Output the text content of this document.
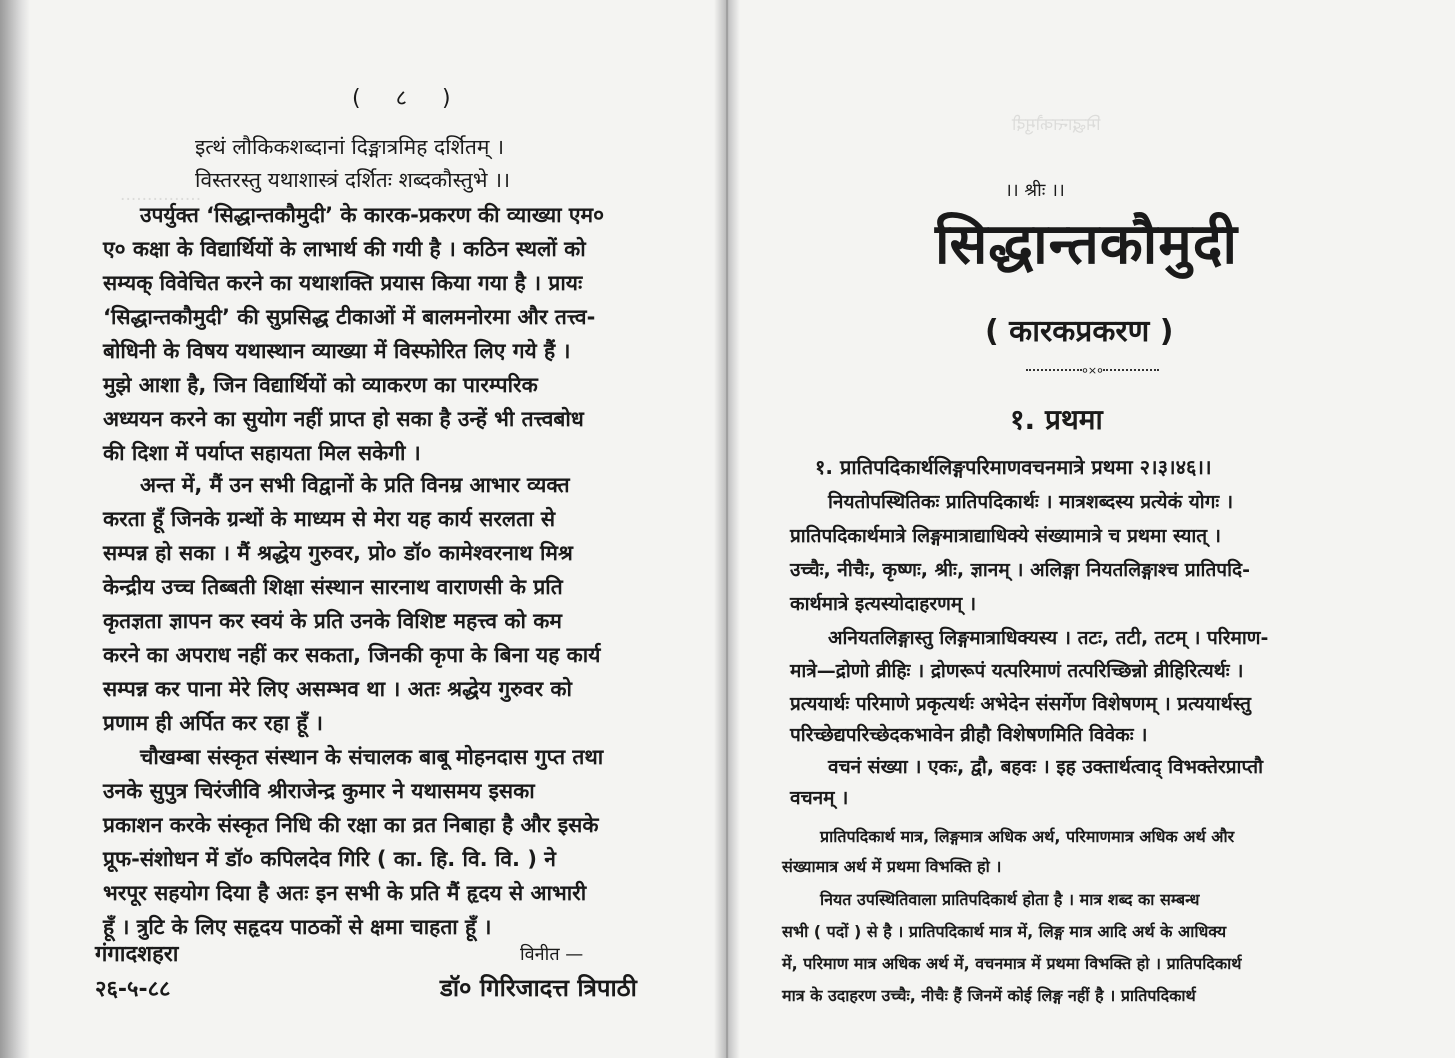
···············
( ८ )
इत्थं लौकिकशब्दानां दिङ्मात्रमिह दर्शितम् ।
विस्तरस्तु यथाशास्त्रं दर्शितः शब्दकौस्तुभे ।।
उपर्युक्त ‘सिद्धान्तकौमुदी’ के कारक-प्रकरण की व्याख्या एम०
ए० कक्षा के विद्यार्थियों के लाभार्थ की गयी है । कठिन स्थलों को
सम्यक् विवेचित करने का यथाशक्ति प्रयास किया गया है । प्रायः
‘सिद्धान्तकौमुदी’ की सुप्रसिद्ध टीकाओं में बालमनोरमा और तत्त्व-
बोधिनी के विषय यथास्थान व्याख्या में विस्फोरित लिए गये हैं ।
मुझे आशा है, जिन विद्यार्थियों को व्याकरण का पारम्परिक
अध्ययन करने का सुयोग नहीं प्राप्त हो सका है उन्हें भी तत्त्वबोध
की दिशा में पर्याप्त सहायता मिल सकेगी ।
अन्त में, मैं उन सभी विद्वानों के प्रति विनम्र आभार व्यक्त
करता हूँ जिनके ग्रन्थों के माध्यम से मेरा यह कार्य सरलता से
सम्पन्न हो सका । मैं श्रद्धेय गुरुवर, प्रो० डॉ० कामेश्वरनाथ मिश्र
केन्द्रीय उच्च तिब्बती शिक्षा संस्थान सारनाथ वाराणसी के प्रति
कृतज्ञता ज्ञापन कर स्वयं के प्रति उनके विशिष्ट महत्त्व को कम
करने का अपराध नहीं कर सकता, जिनकी कृपा के बिना यह कार्य
सम्पन्न कर पाना मेरे लिए असम्भव था । अतः श्रद्धेय गुरुवर को
प्रणाम ही अर्पित कर रहा हूँ ।
चौखम्बा संस्कृत संस्थान के संचालक बाबू मोहनदास गुप्त तथा
उनके सुपुत्र चिरंजीवि श्रीराजेन्द्र कुमार ने यथासमय इसका
प्रकाशन करके संस्कृत निधि की रक्षा का व्रत निबाहा है और इसके
प्रूफ-संशोधन में डॉ० कपिलदेव गिरि ( का. हि. वि. वि. ) ने
भरपूर सहयोग दिया है अतः इन सभी के प्रति मैं हृदय से आभारी
हूँ । त्रुटि के लिए सहृदय पाठकों से क्षमा चाहता हूँ ।
गंगादशहरा	विनीत —
२६-५-८८	डॉ० गिरिजादत्त त्रिपाठी
मिद्धान्तकौमुदी
।। श्रीः ।।
सिद्धान्तकौमुदी
( कारकप्रकरण )
०×०
१. प्रथमा
१. प्रातिपदिकार्थलिङ्गपरिमाणवचनमात्रे प्रथमा २।३।४६।।
नियतोपस्थितिकः प्रातिपदिकार्थः । मात्रशब्दस्य प्रत्येकं योगः ।
प्रातिपदिकार्थमात्रे लिङ्गमात्राद्याधिक्ये संख्यामात्रे च प्रथमा स्यात् ।
उच्चैः, नीचैः, कृष्णः, श्रीः, ज्ञानम् । अलिङ्गा नियतलिङ्गाश्च प्रातिपदि-
कार्थमात्रे इत्यस्योदाहरणम् ।
अनियतलिङ्गास्तु लिङ्गमात्राधिक्यस्य । तटः, तटी, तटम् । परिमाण-
मात्रे—द्रोणो व्रीहिः । द्रोणरूपं यत्परिमाणं तत्परिच्छिन्नो व्रीहिरित्यर्थः ।
प्रत्ययार्थः परिमाणे प्रकृत्यर्थः अभेदेन संसर्गेण विशेषणम् । प्रत्ययार्थस्तु
परिच्छेद्यपरिच्छेदकभावेन व्रीहौ विशेषणमिति विवेकः ।
वचनं संख्या । एकः, द्वौ, बहवः । इह उक्तार्थत्वाद् विभक्तेरप्राप्तौ
वचनम् ।
प्रातिपदिकार्थ मात्र, लिङ्गमात्र अधिक अर्थ, परिमाणमात्र अधिक अर्थ और
संख्यामात्र अर्थ में प्रथमा विभक्ति हो ।
नियत उपस्थितिवाला प्रातिपदिकार्थ होता है । मात्र शब्द का सम्बन्ध
सभी ( पदों ) से है । प्रातिपदिकार्थ मात्र में, लिङ्ग मात्र आदि अर्थ के आधिक्य
में, परिमाण मात्र अधिक अर्थ में, वचनमात्र में प्रथमा विभक्ति हो । प्रातिपदिकार्थ
मात्र के उदाहरण उच्चैः, नीचैः हैं जिनमें कोई लिङ्ग नहीं है । प्रातिपदिकार्थ
